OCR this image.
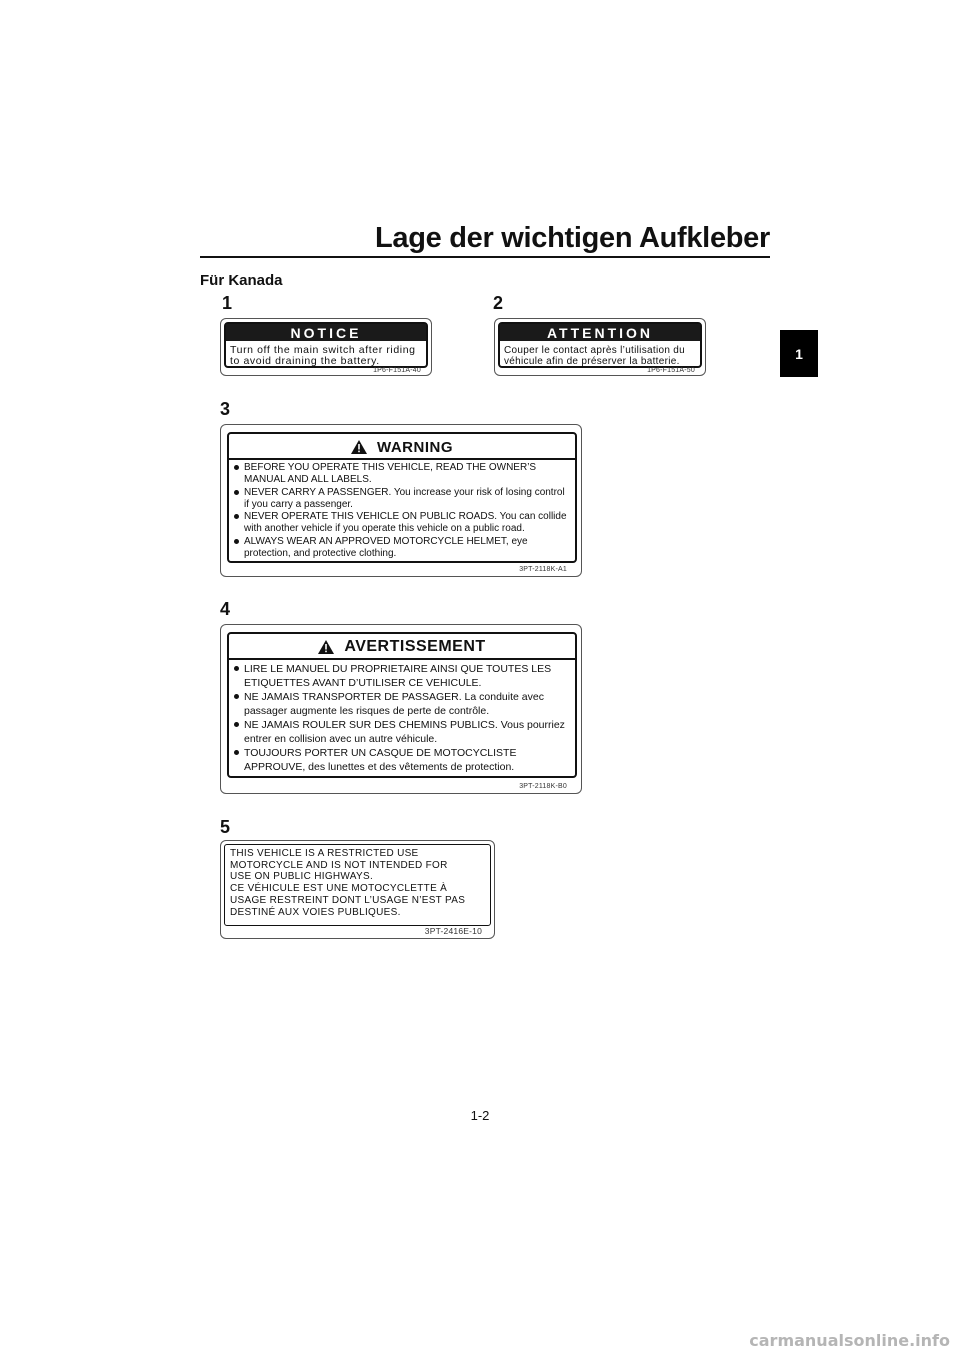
Lage der wichtigen Aufkleber
Für Kanada
1
1
NOTICE
Turn off the main switch after riding
to avoid draining the battery.
1P6-F151A-40
2
ATTENTION
Couper le contact après l’utilisation du
véhicule afin de préserver la batterie.
1P6-F151A-50
3
WARNING
BEFORE YOU OPERATE THIS VEHICLE, READ THE OWNER’S MANUAL AND ALL LABELS.
NEVER CARRY A PASSENGER. You increase your risk of losing control if you carry a passenger.
NEVER OPERATE THIS VEHICLE ON PUBLIC ROADS. You can collide with another vehicle if you operate this vehicle on a public road.
ALWAYS WEAR AN APPROVED MOTORCYCLE HELMET, eye protection, and protective clothing.
3PT-2118K-A1
4
AVERTISSEMENT
LIRE LE MANUEL DU PROPRIETAIRE AINSI QUE TOUTES LES ETIQUETTES AVANT D’UTILISER CE VEHICULE.
NE JAMAIS TRANSPORTER DE PASSAGER. La conduite avec passager augmente les risques de perte de contrôle.
NE JAMAIS ROULER SUR DES CHEMINS PUBLICS. Vous pourriez entrer en collision avec un autre véhicule.
TOUJOURS PORTER UN CASQUE DE MOTOCYCLISTE APPROUVE, des lunettes et des vêtements de protection.
3PT-2118K-B0
5
THIS VEHICLE IS A RESTRICTED USE
MOTORCYCLE AND IS NOT INTENDED FOR
USE ON PUBLIC HIGHWAYS.
CE VÉHICULE EST UNE MOTOCYCLETTE À
USAGE RESTREINT DONT L’USAGE N’EST PAS
DESTINÉ AUX VOIES PUBLIQUES.
3PT-2416E-10
1-2
carmanualsonline.info
